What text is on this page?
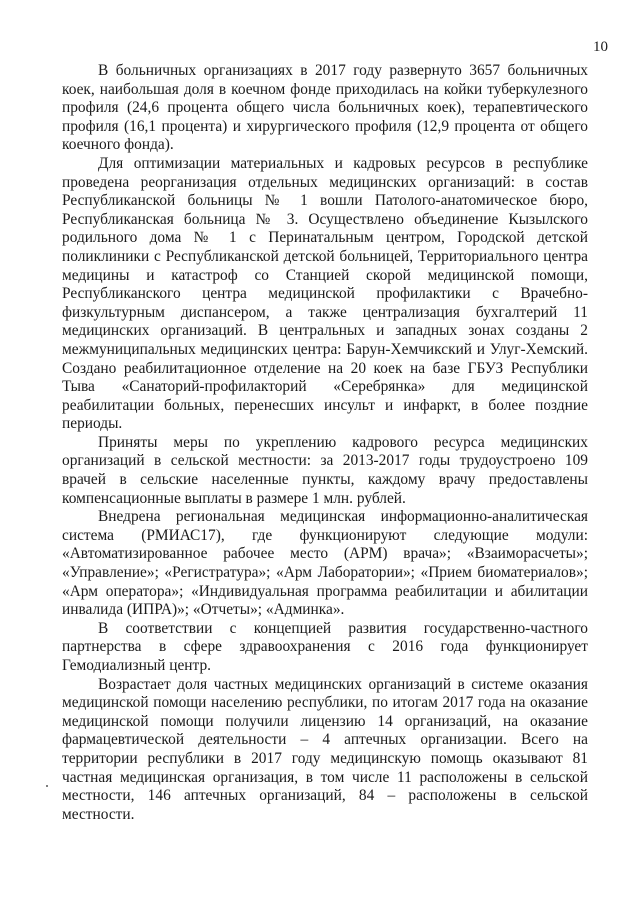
10

В больничных организациях в 2017 году развернуто 3657 больничных коек, наибольшая доля в коечном фонде приходилась на койки туберкулезного профиля (24,6 процента общего числа больничных коек), терапевтического профиля (16,1 процента) и хирургического профиля (12,9 процента от общего коечного фонда).

Для оптимизации материальных и кадровых ресурсов в республике проведена реорганизация отдельных медицинских организаций: в состав Республиканской больницы № 1 вошли Патолого-анатомическое бюро, Республиканская больница № 3. Осуществлено объединение Кызылского родильного дома № 1 с Перинатальным центром, Городской детской поликлиники с Республиканской детской больницей, Территориального центра медицины и катастроф со Станцией скорой медицинской помощи, Республиканского центра медицинской профилактики с Врачебно-физкультурным диспансером, а также централизация бухгалтерий 11 медицинских организаций. В центральных и западных зонах созданы 2 межмуниципальных медицинских центра: Барун-Хемчикский и Улуг-Хемский. Создано реабилитационное отделение на 20 коек на базе ГБУЗ Республики Тыва «Санаторий-профилакторий «Серебрянка» для медицинской реабилитации больных, перенесших инсульт и инфаркт, в более поздние периоды.

Приняты меры по укреплению кадрового ресурса медицинских организаций в сельской местности: за 2013-2017 годы трудоустроено 109 врачей в сельские населенные пункты, каждому врачу предоставлены компенсационные выплаты в размере 1 млн. рублей.

Внедрена региональная медицинская информационно-аналитическая система (РМИАС17), где функционируют следующие модули: «Автоматизированное рабочее место (АРМ) врача»; «Взаиморасчеты»; «Управление»; «Регистратура»; «Арм Лаборатории»; «Прием биоматериалов»; «Арм оператора»; «Индивидуальная программа реабилитации и абилитации инвалида (ИПРА)»; «Отчеты»; «Админка».

В соответствии с концепцией развития государственно-частного партнерства в сфере здравоохранения с 2016 года функционирует Гемодиализный центр.

Возрастает доля частных медицинских организаций в системе оказания медицинской помощи населению республики, по итогам 2017 года на оказание медицинской помощи получили лицензию 14 организаций, на оказание фармацевтической деятельности – 4 аптечных организации. Всего на территории республики в 2017 году медицинскую помощь оказывают 81 частная медицинская организация, в том числе 11 расположены в сельской местности, 146 аптечных организаций, 84 – расположены в сельской местности.
